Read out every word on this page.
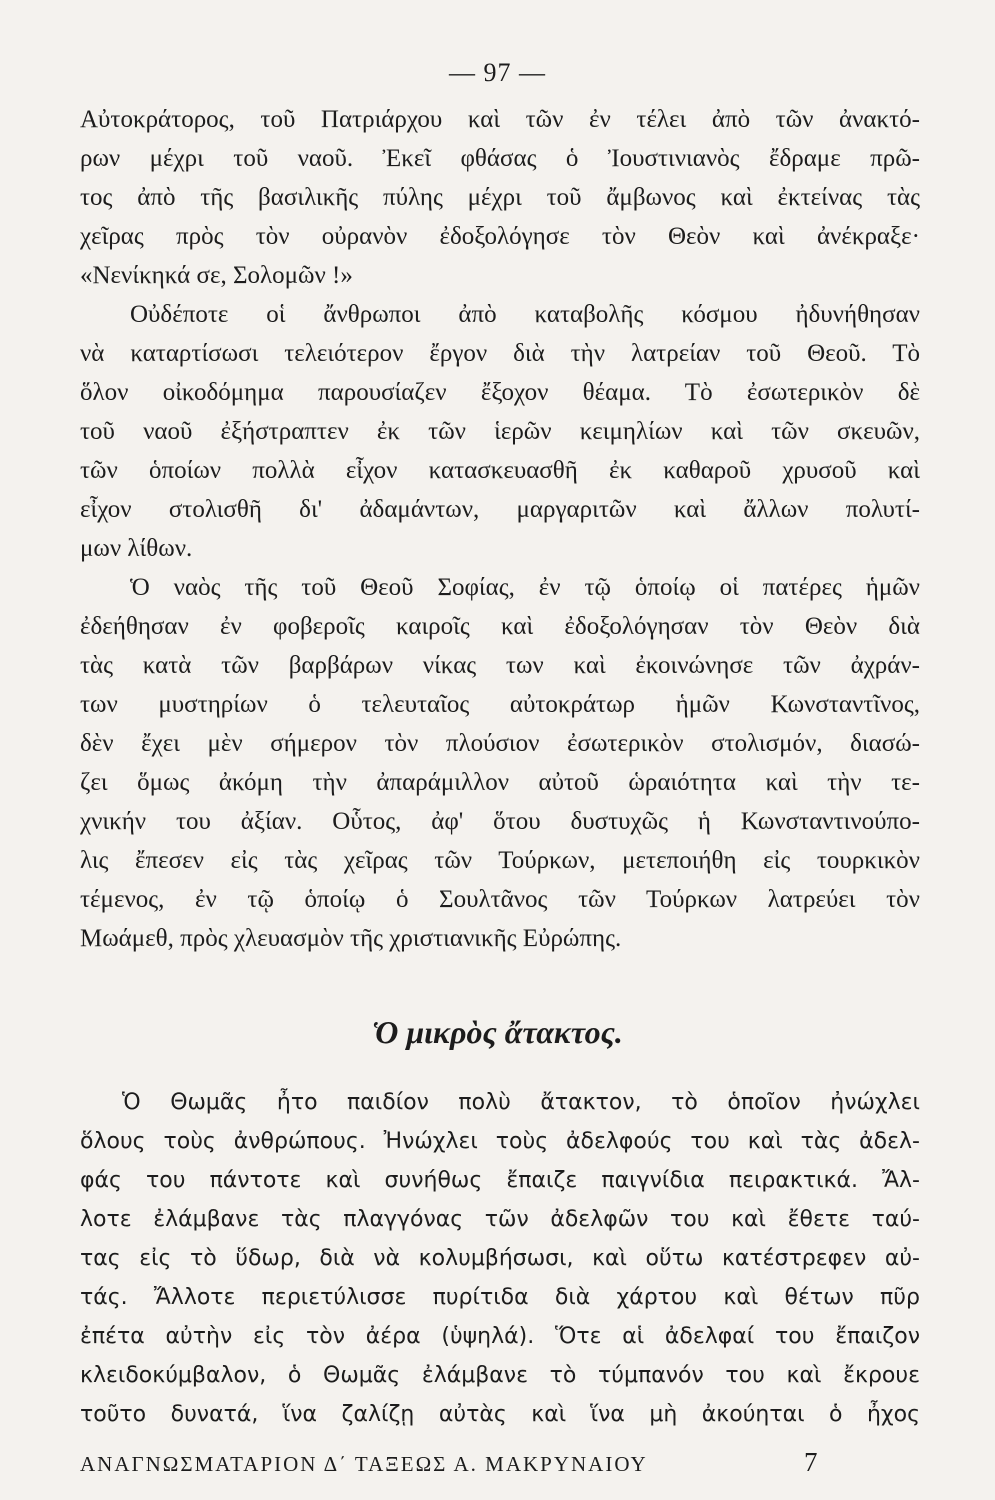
— 97 —
Αὐτοκράτορος, τοῦ Πατριάρχου καὶ τῶν ἐν τέλει ἀπὸ τῶν ἀνακτό-
ρων μέχρι τοῦ ναοῦ. Ἐκεῖ φθάσας ὁ Ἰουστινιανὸς ἔδραμε πρῶ-
τος ἀπὸ τῆς βασιλικῆς πύλης μέχρι τοῦ ἄμβωνος καὶ ἐκτείνας τὰς
χεῖρας πρὸς τὸν οὐρανὸν ἐδοξολόγησε τὸν Θεὸν καὶ ἀνέκραξε·
«Νενίκηκά σε, Σολομῶν !»
Οὐδέποτε οἱ ἄνθρωποι ἀπὸ καταβολῆς κόσμου ἠδυνήθησαν
νὰ καταρτίσωσι τελειότερον ἔργον διὰ τὴν λατρείαν τοῦ Θεοῦ. Τὸ
ὅλον οἰκοδόμημα παρουσίαζεν ἔξοχον θέαμα. Τὸ ἐσωτερικὸν δὲ
τοῦ ναοῦ ἐξήστραπτεν ἐκ τῶν ἱερῶν κειμηλίων καὶ τῶν σκευῶν,
τῶν ὁποίων πολλὰ εἶχον κατασκευασθῆ ἐκ καθαροῦ χρυσοῦ καὶ
εἶχον στολισθῆ δι' ἀδαμάντων, μαργαριτῶν καὶ ἄλλων πολυτί-
μων λίθων.
Ὁ ναὸς τῆς τοῦ Θεοῦ Σοφίας, ἐν τῷ ὁποίῳ οἱ πατέρες ἡμῶν
ἐδεήθησαν ἐν φοβεροῖς καιροῖς καὶ ἐδοξολόγησαν τὸν Θεὸν διὰ
τὰς κατὰ τῶν βαρβάρων νίκας των καὶ ἐκοινώνησε τῶν ἀχράν-
των μυστηρίων ὁ τελευταῖος αὐτοκράτωρ ἡμῶν Κωνσταντῖνος,
δὲν ἔχει μὲν σήμερον τὸν πλούσιον ἐσωτερικὸν στολισμόν, διασώ-
ζει ὅμως ἀκόμη τὴν ἀπαράμιλλον αὐτοῦ ὡραιότητα καὶ τὴν τε-
χνικήν του ἀξίαν. Οὗτος, ἀφ' ὅτου δυστυχῶς ἡ Κωνσταντινούπο-
λις ἔπεσεν εἰς τὰς χεῖρας τῶν Τούρκων, μετεποιήθη εἰς τουρκικὸν
τέμενος, ἐν τῷ ὁποίῳ ὁ Σουλτᾶνος τῶν Τούρκων λατρεύει τὸν
Μωάμεθ, πρὸς χλευασμὸν τῆς χριστιανικῆς Εὐρώπης.
Ὁ μικρὸς ἄτακτος.
Ὁ Θωμᾶς ἦτο παιδίον πολὺ ἄτακτον, τὸ ὁποῖον ἠνώχλει
ὅλους τοὺς ἀνθρώπους. Ἠνώχλει τοὺς ἀδελφούς του καὶ τὰς ἀδελ-
φάς του πάντοτε καὶ συνήθως ἔπαιζε παιγνίδια πειρακτικά. Ἄλ-
λοτε ἐλάμβανε τὰς πλαγγόνας τῶν ἀδελφῶν του καὶ ἔθετε ταύ-
τας εἰς τὸ ὕδωρ, διὰ νὰ κολυμβήσωσι, καὶ οὕτω κατέστρεφεν αὐ-
τάς. Ἄλλοτε περιετύλισσε πυρίτιδα διὰ χάρτου καὶ θέτων πῦρ
ἐπέτα αὐτὴν εἰς τὸν ἀέρα (ὑψηλά). Ὅτε αἱ ἀδελφαί του ἔπαιζον
κλειδοκύμβαλον, ὁ Θωμᾶς ἐλάμβανε τὸ τύμπανόν του καὶ ἔκρουε
τοῦτο δυνατά, ἵνα ζαλίζῃ αὐτὰς καὶ ἵνα μὴ ἀκούηται ὁ ἦχος
ΑΝΑΓΝΩΣΜΑΤΑΡΙΟΝ Δ΄ ΤΑΞΕΩΣ Α. ΜΑΚΡΥΝΑΙΟΥ	7
